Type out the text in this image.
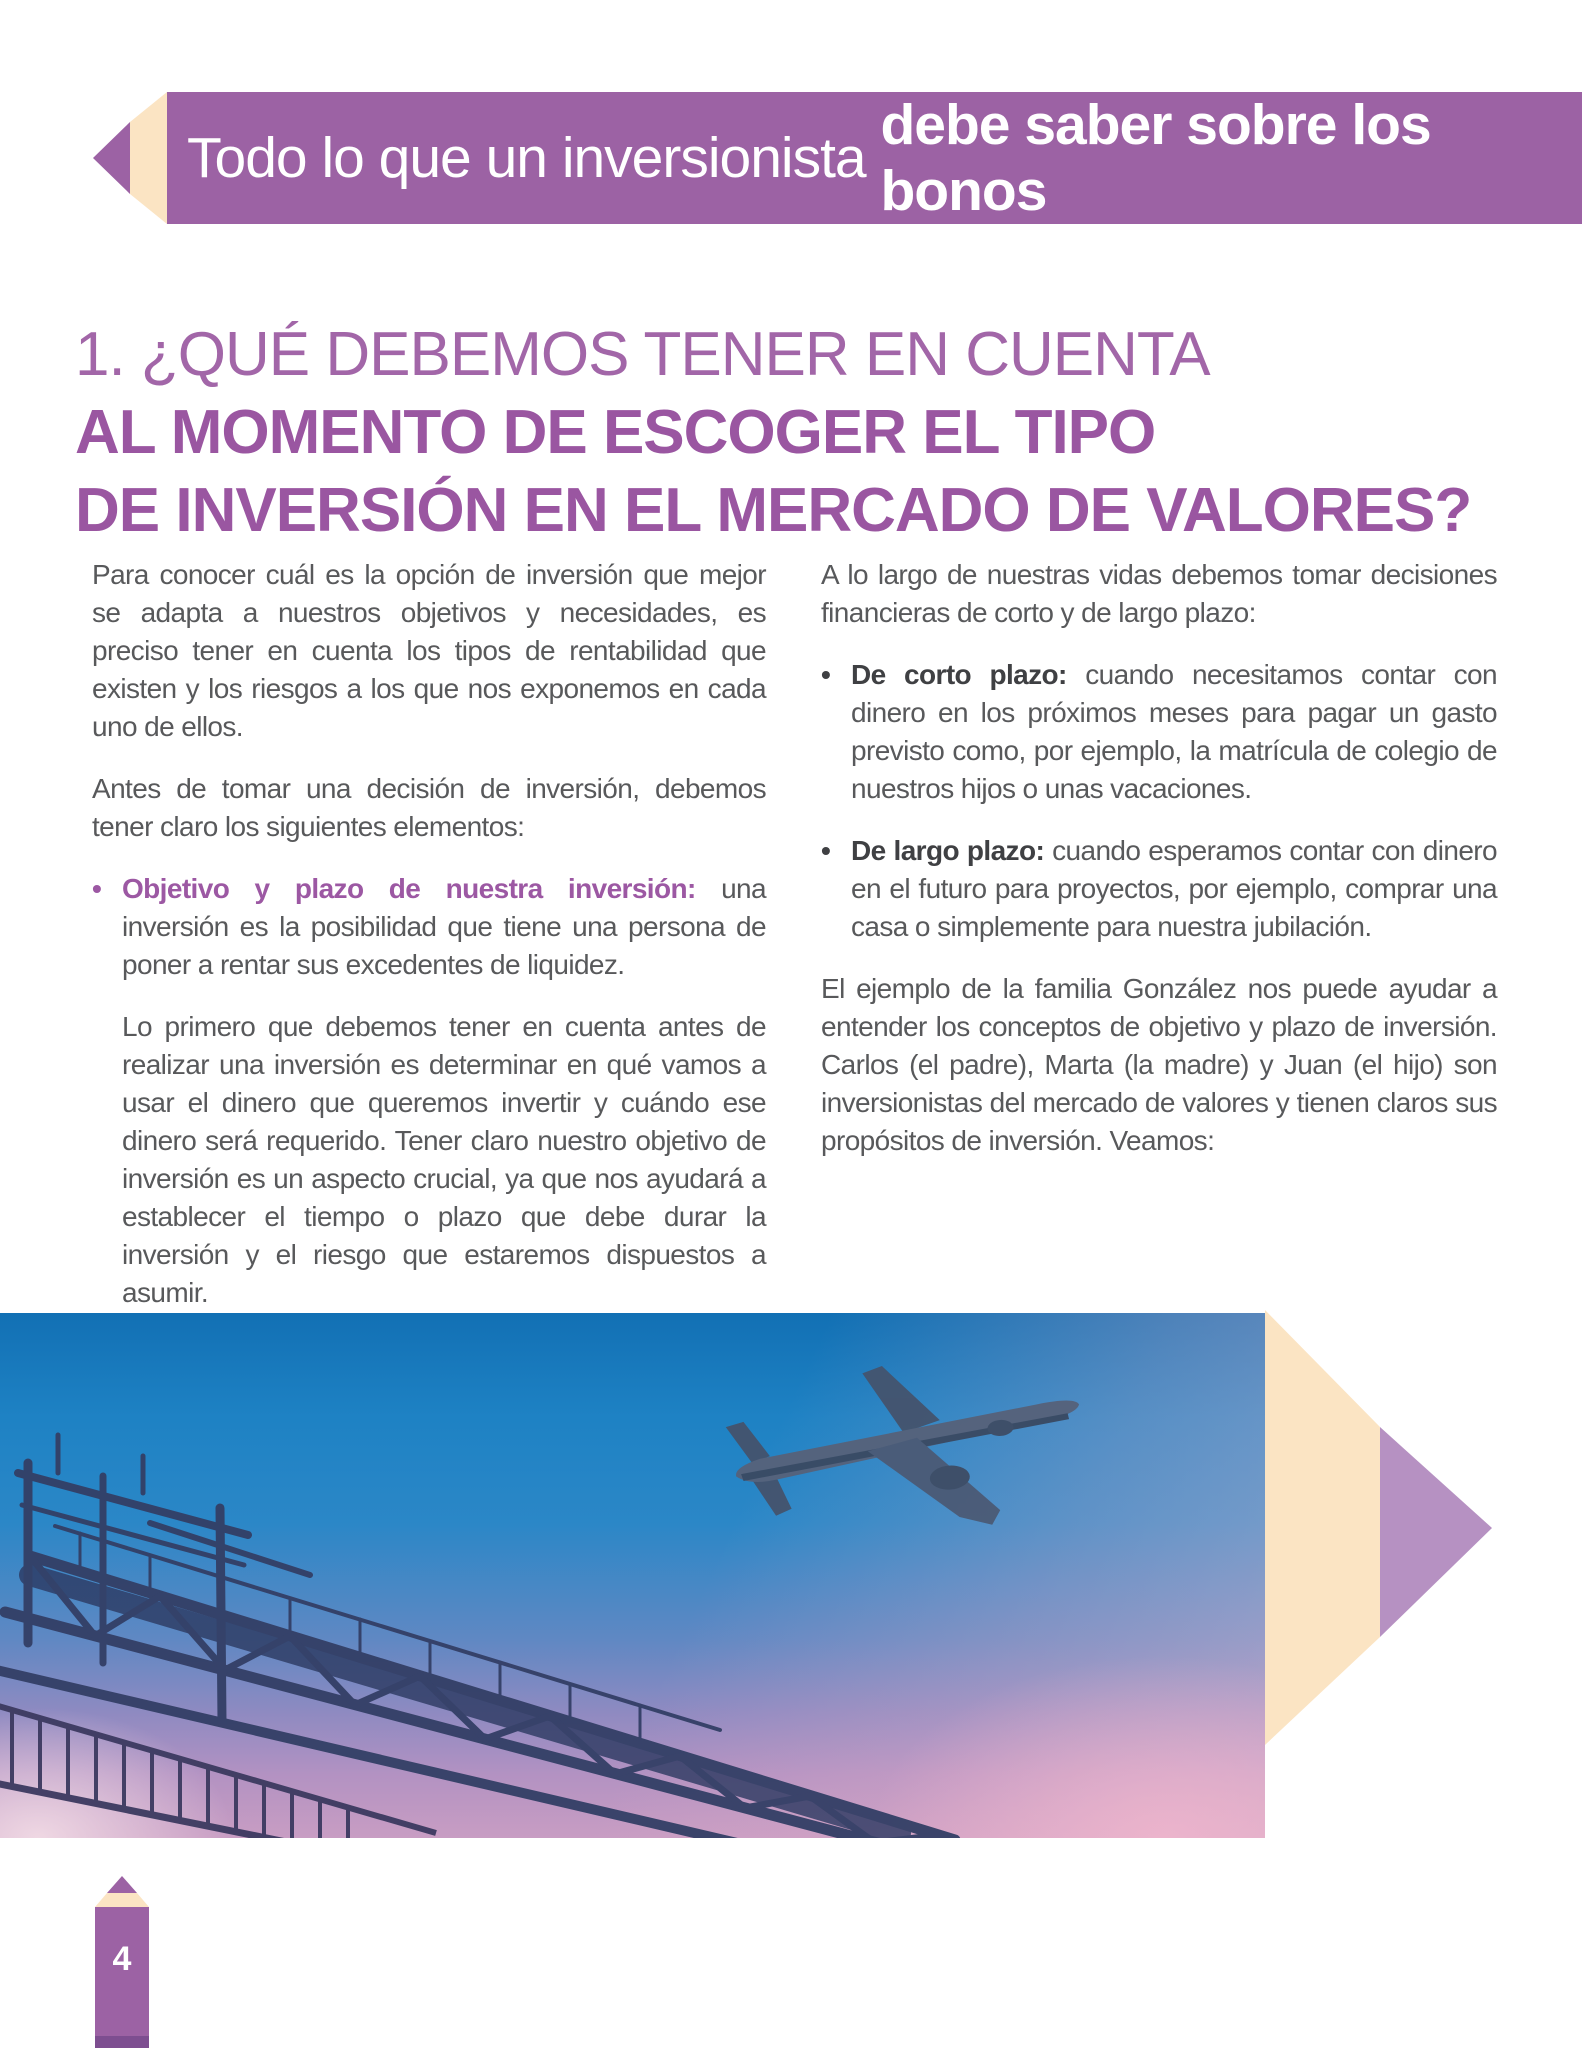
Todo lo que un inversionista
debe saber sobre los bonos
1. ¿QUÉ DEBEMOS TENER EN CUENTA
AL MOMENTO DE ESCOGER EL TIPO
DE INVERSIÓN EN EL MERCADO DE VALORES?

Para conocer cuál es la opción de inversión que mejor se adapta a nuestros objetivos y necesidades, es preciso tener en cuenta los tipos de rentabilidad que existen y los riesgos a los que nos exponemos en cada uno de ellos.

Antes de tomar una decisión de inversión, debemos tener claro los siguientes elementos:

• Objetivo y plazo de nuestra inversión: una inversión es la posibilidad que tiene una persona de poner a rentar sus excedentes de liquidez.

Lo primero que debemos tener en cuenta antes de realizar una inversión es determinar en qué vamos a usar el dinero que queremos invertir y cuándo ese dinero será requerido. Tener claro nuestro objetivo de inversión es un aspecto crucial, ya que nos ayudará a establecer el tiempo o plazo que debe durar la inversión y el riesgo que estaremos dispuestos a asumir.

A lo largo de nuestras vidas debemos tomar decisiones financieras de corto y de largo plazo:

• De corto plazo: cuando necesitamos contar con dinero en los próximos meses para pagar un gasto previsto como, por ejemplo, la matrícula de colegio de nuestros hijos o unas vacaciones.
• De largo plazo: cuando esperamos contar con dinero en el futuro para proyectos, por ejemplo, comprar una casa o simplemente para nuestra jubilación.

El ejemplo de la familia González nos puede ayudar a entender los conceptos de objetivo y plazo de inversión. Carlos (el padre), Marta (la madre) y Juan (el hijo) son inversionistas del mercado de valores y tienen claros sus propósitos de inversión. Veamos:

4
